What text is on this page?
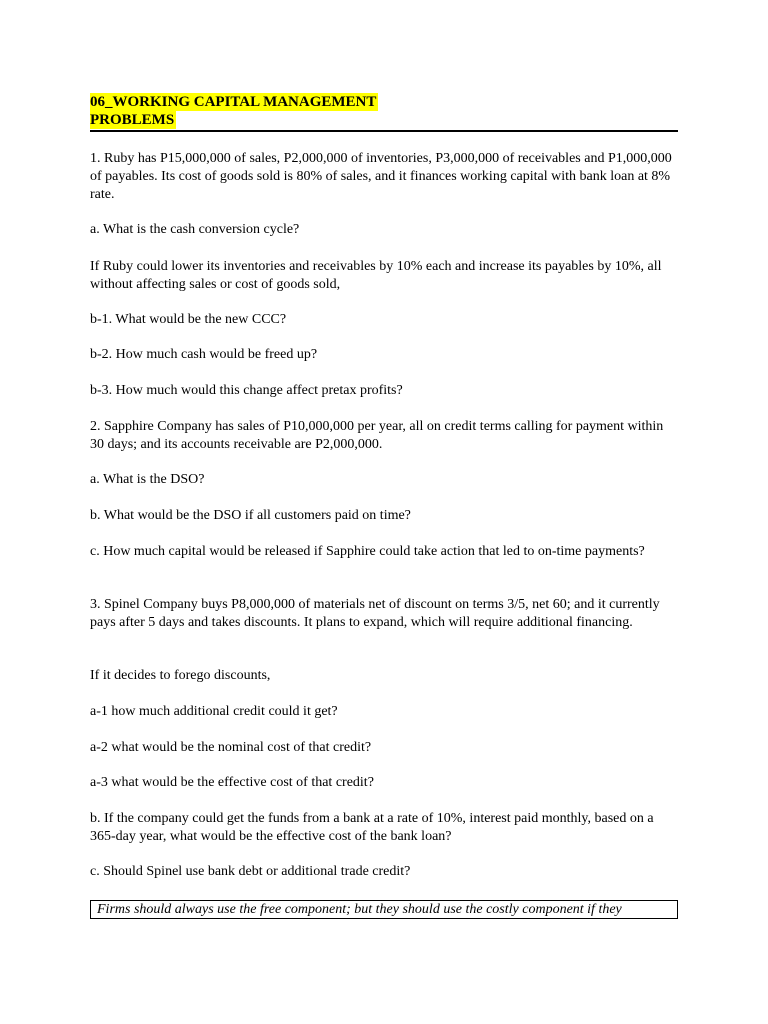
06_WORKING CAPITAL MANAGEMENT
PROBLEMS

1. Ruby has P15,000,000 of sales, P2,000,000 of inventories, P3,000,000 of receivables and P1,000,000 of payables. Its cost of goods sold is 80% of sales, and it finances working capital with bank loan at 8% rate.

a. What is the cash conversion cycle?

If Ruby could lower its inventories and receivables by 10% each and increase its payables by 10%, all without affecting sales or cost of goods sold,

b-1. What would be the new CCC?

b-2. How much cash would be freed up?

b-3. How much would this change affect pretax profits?

2. Sapphire Company has sales of P10,000,000 per year, all on credit terms calling for payment within 30 days; and its accounts receivable are P2,000,000.

a. What is the DSO?

b. What would be the DSO if all customers paid on time?

c. How much capital would be released if Sapphire could take action that led to on-time payments?

3. Spinel Company buys P8,000,000 of materials net of discount on terms 3/5, net 60; and it currently pays after 5 days and takes discounts. It plans to expand, which will require additional financing.

If it decides to forego discounts,

a-1 how much additional credit could it get?

a-2 what would be the nominal cost of that credit?

a-3 what would be the effective cost of that credit?

b. If the company could get the funds from a bank at a rate of 10%, interest paid monthly, based on a 365-day year, what would be the effective cost of the bank loan?

c. Should Spinel use bank debt or additional trade credit?

Firms should always use the free component; but they should use the costly component if they
